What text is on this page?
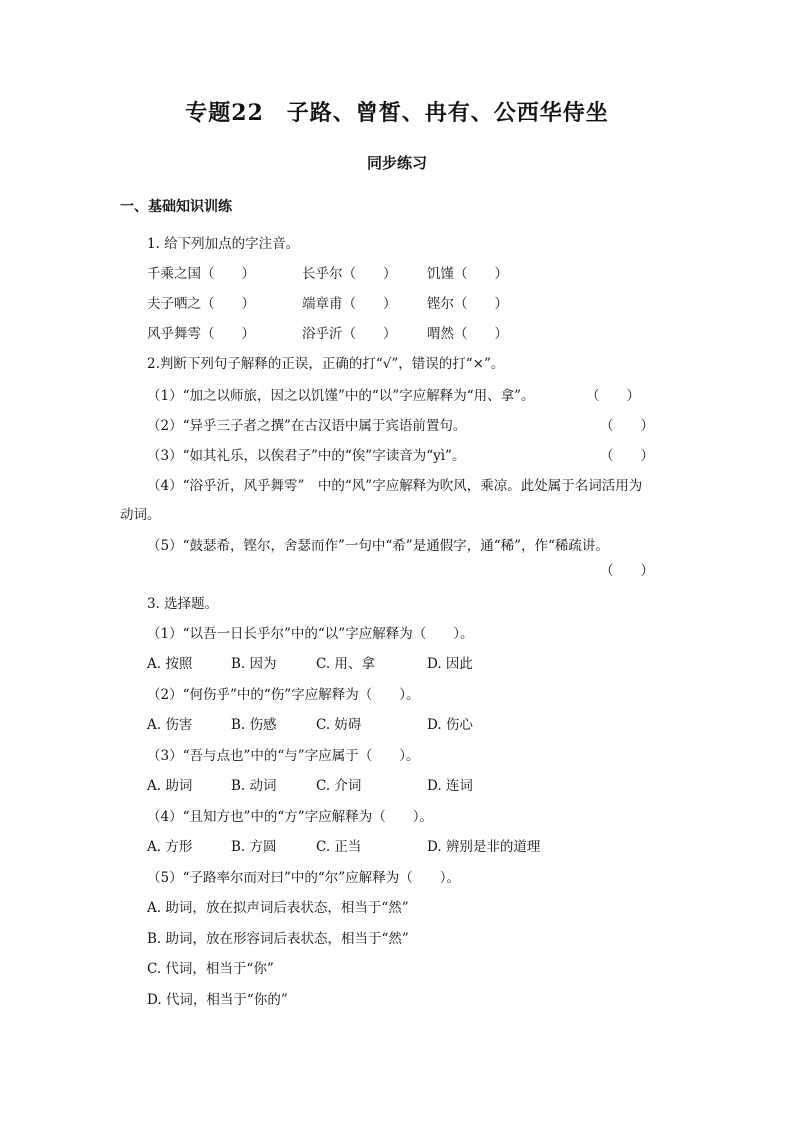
专题22　子路、曾皙、冉有、公西华侍坐
同步练习
一、基础知识训练
1. 给下列加点的字注音。
千乘之国（　　）	长乎尔（　　） 饥馑（　　）
夫子哂之（　　）	端章甫（　　） 铿尔（　　）
风乎舞雩（　　）	浴乎沂（　　） 喟然（　　）
2.判断下列句子解释的正误，正确的打“√”，错误的打“×”。
（1）“加之以师旅，因之以饥馑”中的“以”字应解释为“用、拿”。	（　　）
（2）“异乎三子者之撰”在古汉语中属于宾语前置句。	（　　）
（3）“如其礼乐，以俟君子”中的“俟”字读音为“yì”。	（　　）
（4）“浴乎沂，风乎舞雩”　中的“风”字应解释为吹风，乘凉。此处属于名词活用为
动词。
（5）“鼓瑟希，铿尔，舍瑟而作”一句中“希”是通假字，通“稀”，作“稀疏讲。
（　　）
3. 选择题。
（1）“以吾一日长乎尔”中的“以”字应解释为（　　）。
A. 按照	B. 因为	C. 用、拿	D. 因此
（2）“何伤乎”中的“伤”字应解释为（　　）。
A. 伤害	B. 伤感	C. 妨碍	D. 伤心
（3）“吾与点也”中的“与”字应属于（　　）。
A. 助词	B. 动词	C. 介词	D. 连词
（4）“且知方也”中的“方”字应解释为（　　）。
A. 方形	B. 方圆	C. 正当	D. 辨别是非的道理
（5）“子路率尔而对曰”中的“尔”应解释为（　　）。
A. 助词，放在拟声词后表状态，相当于“然”
B. 助词，放在形容词后表状态，相当于“然”
C. 代词，相当于“你”
D. 代词，相当于“你的”
